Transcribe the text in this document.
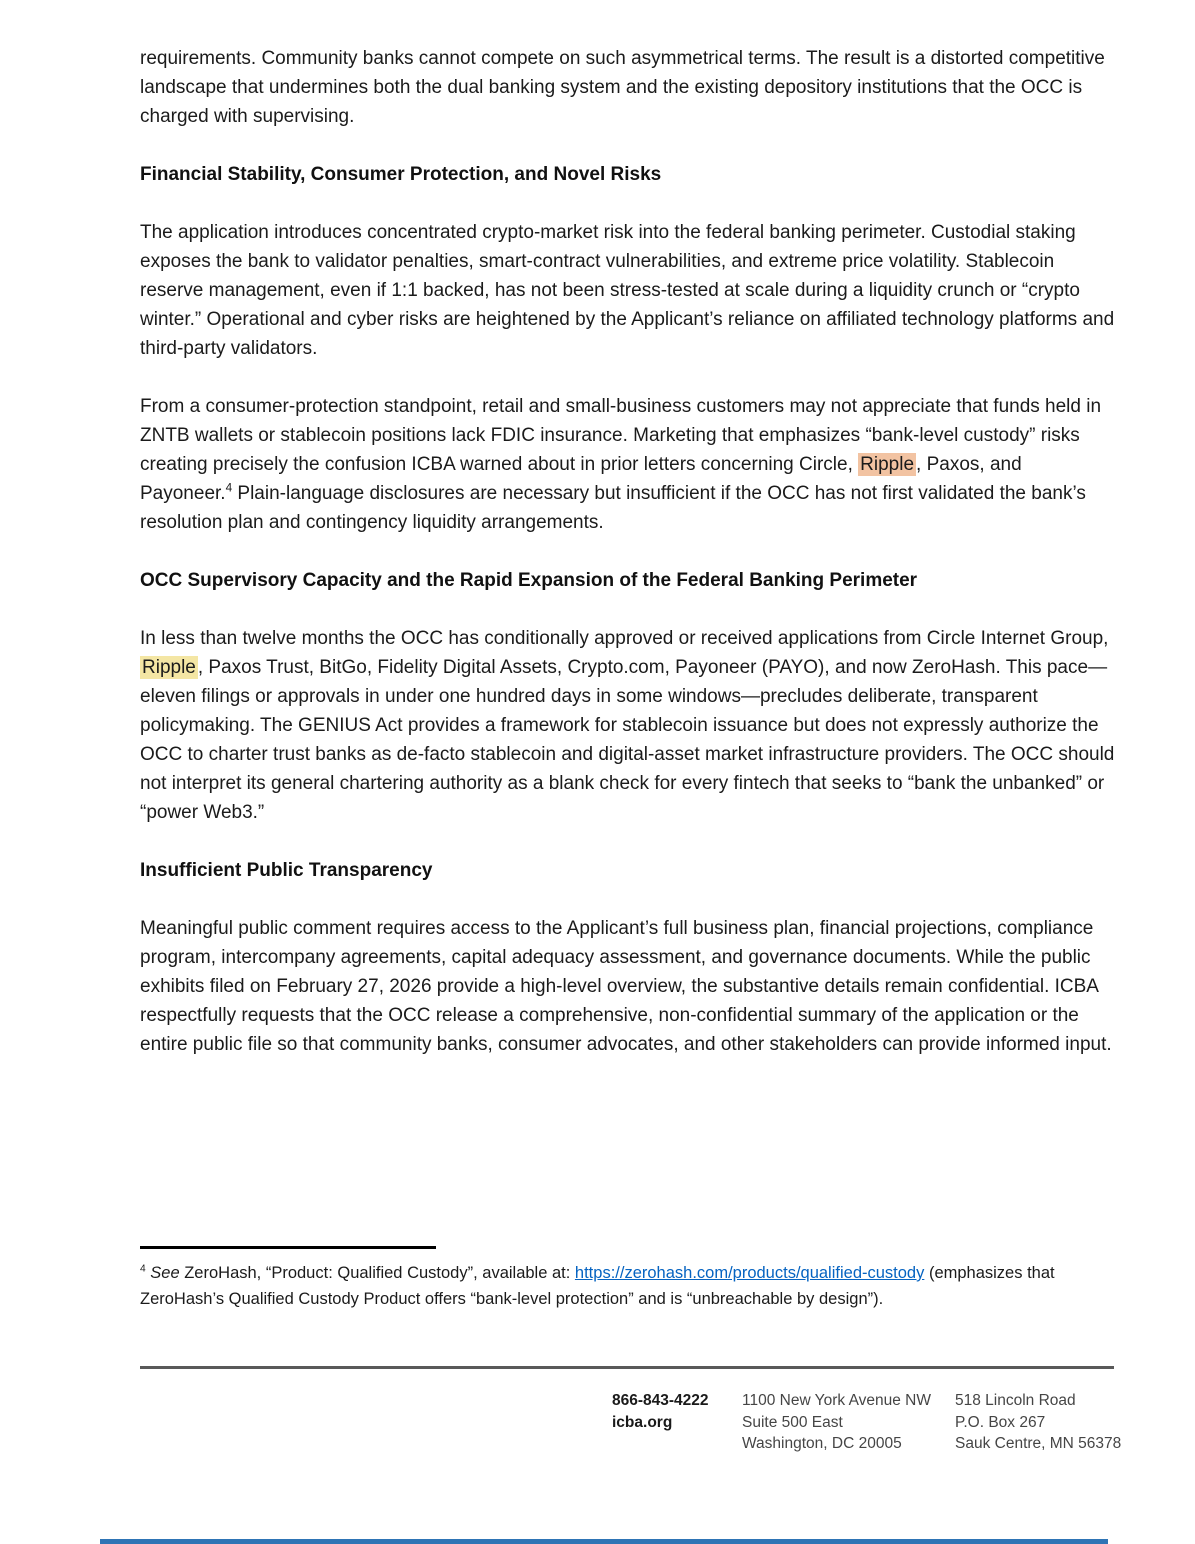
requirements. Community banks cannot compete on such asymmetrical terms. The result is a distorted competitive landscape that undermines both the dual banking system and the existing depository institutions that the OCC is charged with supervising.

Financial Stability, Consumer Protection, and Novel Risks

The application introduces concentrated crypto-market risk into the federal banking perimeter. Custodial staking exposes the bank to validator penalties, smart-contract vulnerabilities, and extreme price volatility. Stablecoin reserve management, even if 1:1 backed, has not been stress-tested at scale during a liquidity crunch or “crypto winter.” Operational and cyber risks are heightened by the Applicant’s reliance on affiliated technology platforms and third-party validators.

From a consumer-protection standpoint, retail and small-business customers may not appreciate that funds held in ZNTB wallets or stablecoin positions lack FDIC insurance. Marketing that emphasizes “bank-level custody” risks creating precisely the confusion ICBA warned about in prior letters concerning Circle, Ripple , Paxos, and Payoneer.$^4$ Plain-language disclosures are necessary but insufficient if the OCC has not first validated the bank’s resolution plan and contingency liquidity arrangements.

OCC Supervisory Capacity and the Rapid Expansion of the Federal Banking Perimeter

In less than twelve months the OCC has conditionally approved or received applications from Circle Internet Group, Ripple , Paxos Trust, BitGo, Fidelity Digital Assets, Crypto.com, Payoneer (PAYO), and now ZeroHash. This pace—eleven filings or approvals in under one hundred days in some windows—precludes deliberate, transparent policymaking. The GENIUS Act provides a framework for stablecoin issuance but does not expressly authorize the OCC to charter trust banks as de-facto stablecoin and digital-asset market infrastructure providers. The OCC should not interpret its general chartering authority as a blank check for every fintech that seeks to “bank the unbanked” or “power Web3.”

Insufficient Public Transparency

Meaningful public comment requires access to the Applicant’s full business plan, financial projections, compliance program, intercompany agreements, capital adequacy assessment, and governance documents. While the public exhibits filed on February 27, 2026 provide a high-level overview, the substantive details remain confidential. ICBA respectfully requests that the OCC release a comprehensive, non-confidential summary of the application or the entire public file so that community banks, consumer advocates, and other stakeholders can provide informed input.

$^4$ See ZeroHash, “Product: Qualified Custody”, available at: https://zerohash.com/products/qualified-custody (emphasizes that ZeroHash’s Qualified Custody Product offers “bank-level protection” and is “unbreachable by design”).

866-843-4222
icba.org
1100 New York Avenue NW
Suite 500 East
Washington, DC 20005
518 Lincoln Road
P.O. Box 267
Sauk Centre, MN 56378
